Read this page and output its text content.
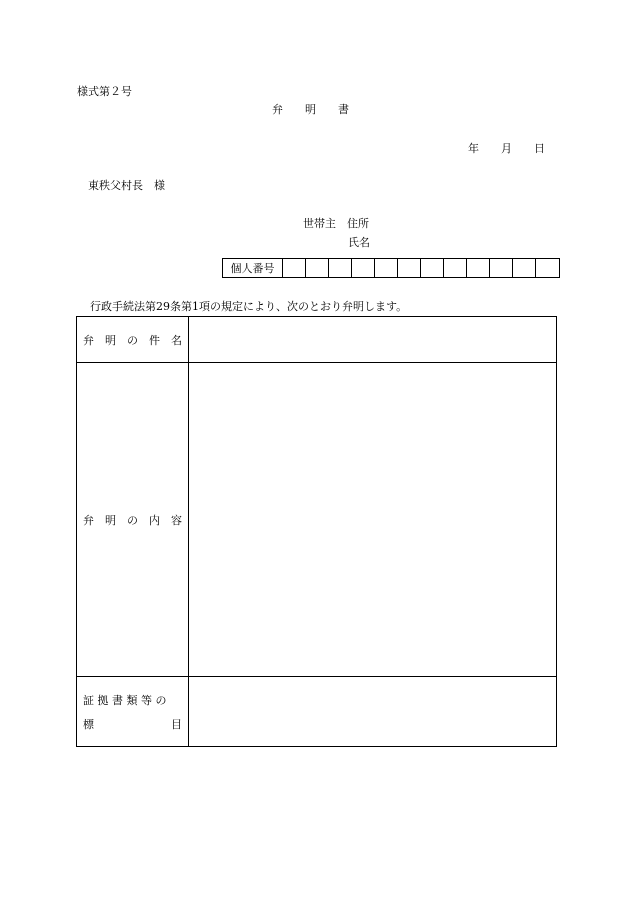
様式第２号
弁　　明　　書
年　　月　　日
東秩父村長　様
世帯主　住所
氏名
個人番号
行政手続法第29条第1項の規定により、次のとおり弁明します。
弁　明　の　件　名
弁　明　の　内　容
証 拠 書 類 等 の
標	目
